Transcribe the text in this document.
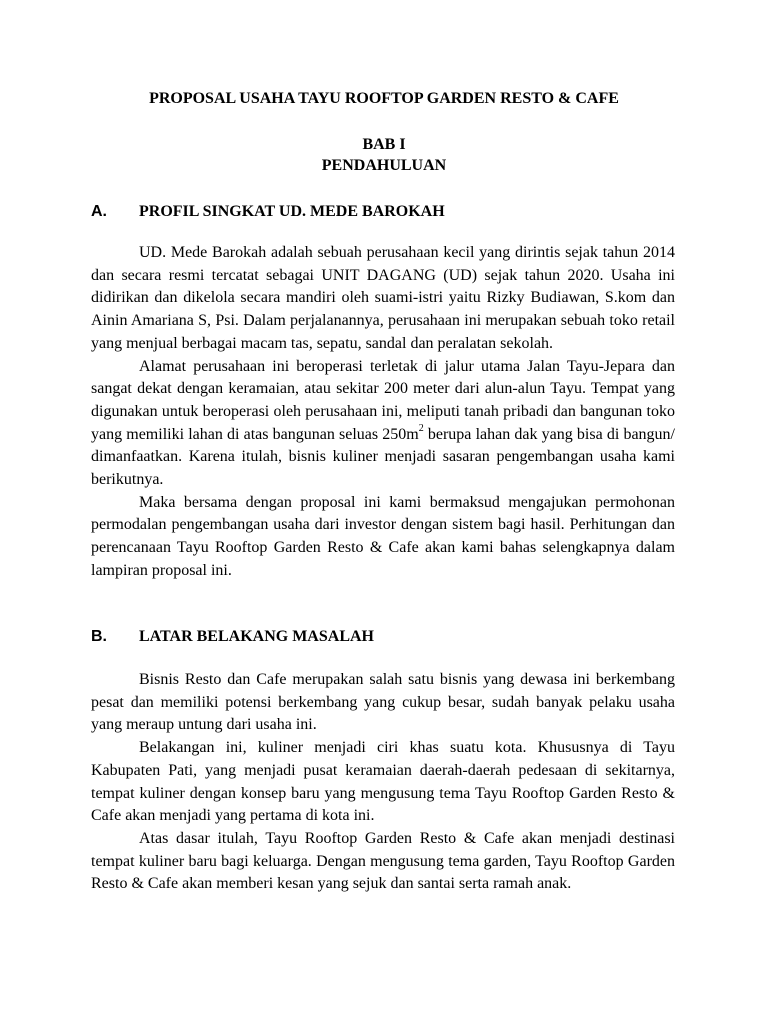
PROPOSAL USAHA TAYU ROOFTOP GARDEN RESTO & CAFE
BAB I
PENDAHULUAN
A. PROFIL SINGKAT UD. MEDE BAROKAH

UD. Mede Barokah adalah sebuah perusahaan kecil yang dirintis sejak tahun 2014 dan secara resmi tercatat sebagai UNIT DAGANG (UD) sejak tahun 2020. Usaha ini didirikan dan dikelola secara mandiri oleh suami-istri yaitu Rizky Budiawan, S.kom dan Ainin Amariana S, Psi. Dalam perjalanannya, perusahaan ini merupakan sebuah toko retail yang menjual berbagai macam tas, sepatu, sandal dan peralatan sekolah.

Alamat perusahaan ini beroperasi terletak di jalur utama Jalan Tayu-Jepara dan sangat dekat dengan keramaian, atau sekitar 200 meter dari alun-alun Tayu. Tempat yang digunakan untuk beroperasi oleh perusahaan ini, meliputi tanah pribadi dan bangunan toko yang memiliki lahan di atas bangunan seluas $250m^2$ berupa lahan dak yang bisa di bangun/ dimanfaatkan. Karena itulah, bisnis kuliner menjadi sasaran pengembangan usaha kami berikutnya.

Maka bersama dengan proposal ini kami bermaksud mengajukan permohonan permodalan pengembangan usaha dari investor dengan sistem bagi hasil. Perhitungan dan perencanaan Tayu Rooftop Garden Resto & Cafe akan kami bahas selengkapnya dalam lampiran proposal ini.

B. LATAR BELAKANG MASALAH

Bisnis Resto dan Cafe merupakan salah satu bisnis yang dewasa ini berkembang pesat dan memiliki potensi berkembang yang cukup besar, sudah banyak pelaku usaha yang meraup untung dari usaha ini.

Belakangan ini, kuliner menjadi ciri khas suatu kota. Khususnya di Tayu Kabupaten Pati, yang menjadi pusat keramaian daerah-daerah pedesaan di sekitarnya, tempat kuliner dengan konsep baru yang mengusung tema Tayu Rooftop Garden Resto & Cafe akan menjadi yang pertama di kota ini.

Atas dasar itulah, Tayu Rooftop Garden Resto & Cafe akan menjadi destinasi tempat kuliner baru bagi keluarga. Dengan mengusung tema garden, Tayu Rooftop Garden Resto & Cafe akan memberi kesan yang sejuk dan santai serta ramah anak.
